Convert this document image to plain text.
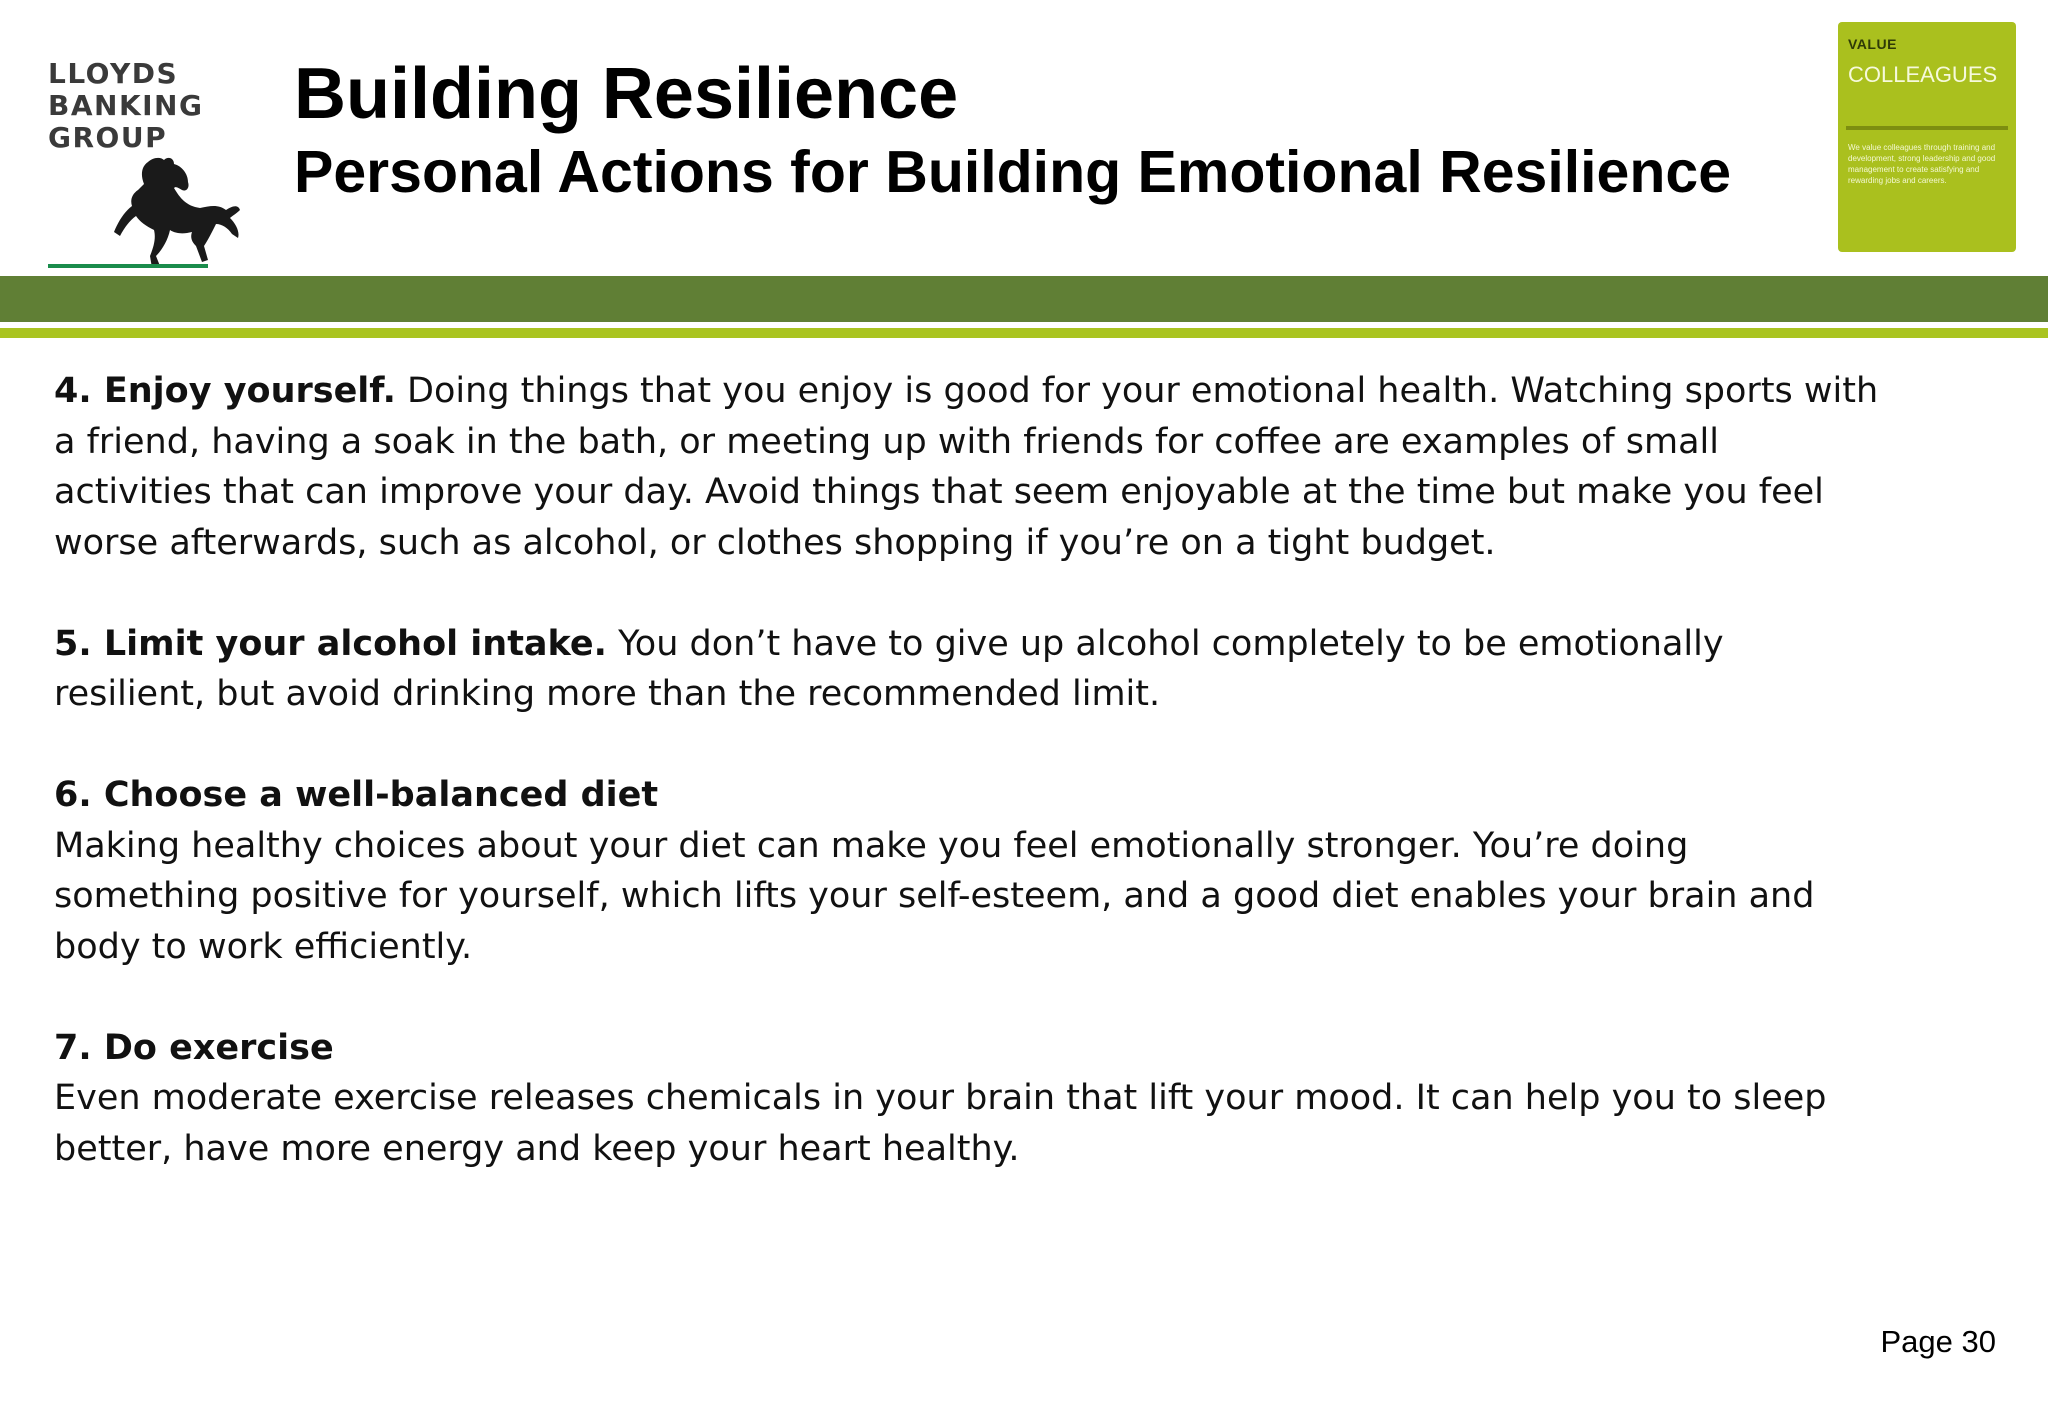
LLOYDS
BANKING
GROUP
Building Resilience
Personal Actions for Building Emotional Resilience
VALUE
COLLEAGUES
We value colleagues through training and development, strong leadership and good management to create satisfying and rewarding jobs and careers.

4. Enjoy yourself. Doing things that you enjoy is good for your emotional health. Watching sports with a friend, having a soak in the bath, or meeting up with friends for coffee are examples of small activities that can improve your day. Avoid things that seem enjoyable at the time but make you feel worse afterwards, such as alcohol, or clothes shopping if you’re on a tight budget.

5. Limit your alcohol intake. You don’t have to give up alcohol completely to be emotionally resilient, but avoid drinking more than the recommended limit.

6. Choose a well-balanced diet
Making healthy choices about your diet can make you feel emotionally stronger. You’re doing something positive for yourself, which lifts your self-esteem, and a good diet enables your brain and body to work efficiently.

7. Do exercise
Even moderate exercise releases chemicals in your brain that lift your mood. It can help you to sleep better, have more energy and keep your heart healthy.

Page 30
